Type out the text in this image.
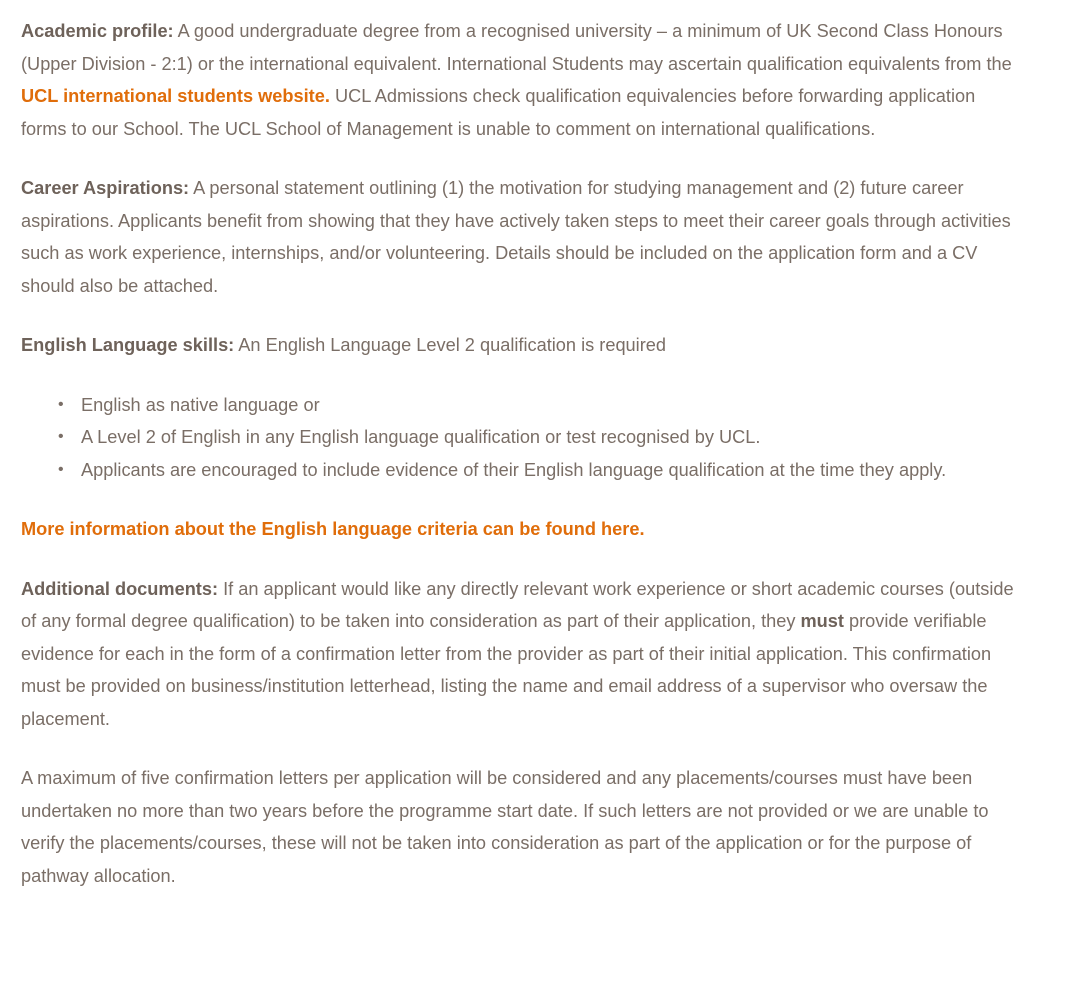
Academic profile: A good undergraduate degree from a recognised university – a minimum of UK Second Class Honours (Upper Division - 2:1) or the international equivalent. International Students may ascertain qualification equivalents from the UCL international students website. UCL Admissions check qualification equivalencies before forwarding application forms to our School. The UCL School of Management is unable to comment on international qualifications.

Career Aspirations: A personal statement outlining (1) the motivation for studying management and (2) future career aspirations. Applicants benefit from showing that they have actively taken steps to meet their career goals through activities such as work experience, internships, and/or volunteering. Details should be included on the application form and a CV should also be attached.

English Language skills: An English Language Level 2 qualification is required

• English as native language or
• A Level 2 of English in any English language qualification or test recognised by UCL.
• Applicants are encouraged to include evidence of their English language qualification at the time they apply.

More information about the English language criteria can be found here.

Additional documents: If an applicant would like any directly relevant work experience or short academic courses (outside of any formal degree qualification) to be taken into consideration as part of their application, they must provide verifiable evidence for each in the form of a confirmation letter from the provider as part of their initial application. This confirmation must be provided on business/institution letterhead, listing the name and email address of a supervisor who oversaw the placement.

A maximum of five confirmation letters per application will be considered and any placements/courses must have been undertaken no more than two years before the programme start date. If such letters are not provided or we are unable to verify the placements/courses, these will not be taken into consideration as part of the application or for the purpose of pathway allocation.
